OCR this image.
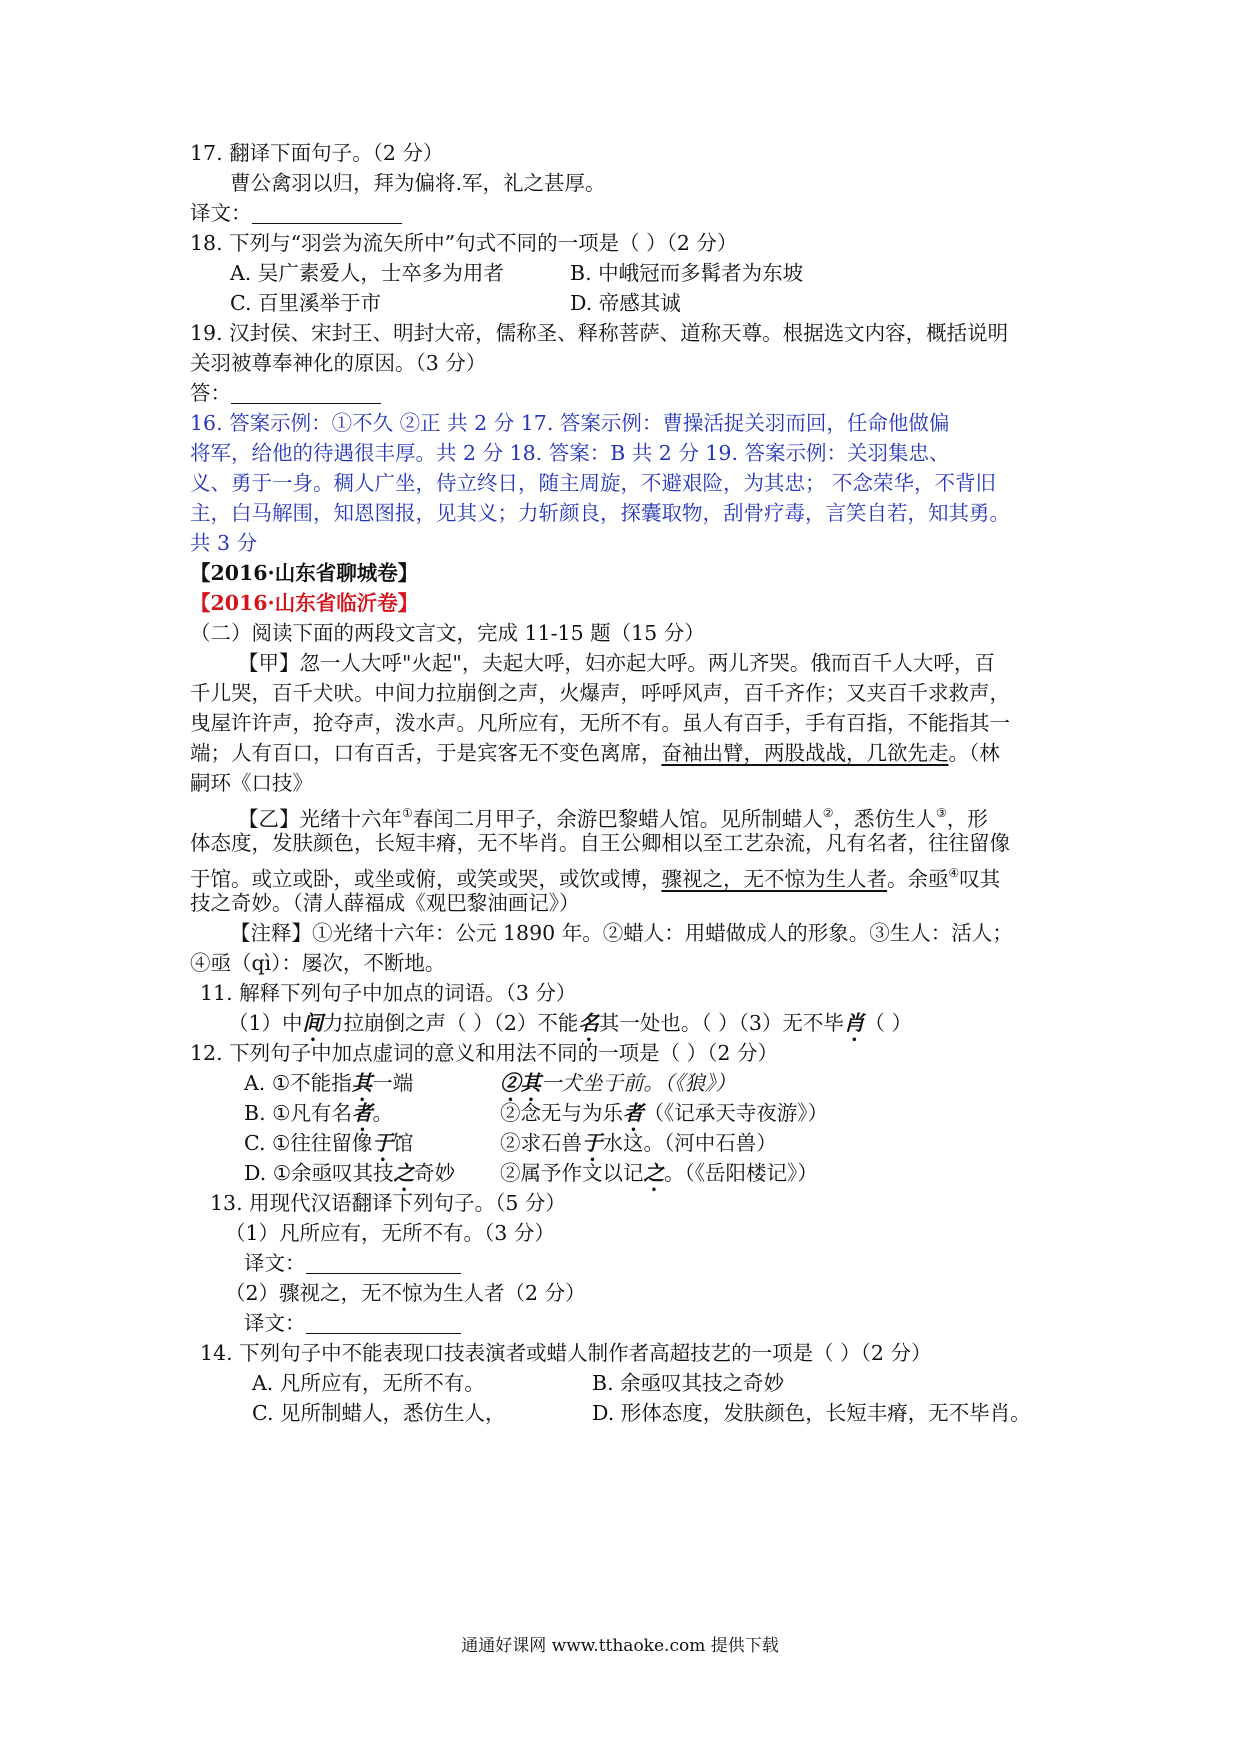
17. 翻译下面句子。（2 分）
曹公禽羽以归，拜为偏将.军，礼之甚厚。
译文：
18. 下列与“羽尝为流矢所中”句式不同的一项是（ ）（2 分）
A. 吴广素爱人，士卒多为用者	B. 中峨冠而多髯者为东坡
C. 百里溪举于市	D. 帝感其诚
19. 汉封侯、宋封王、明封大帝，儒称圣、释称菩萨、道称天尊。根据选文内容，概括说明
关羽被尊奉神化的原因。（3 分）
答：
16. 答案示例：①不久 ②正 共 2 分 17. 答案示例：曹操活捉关羽而回，任命他做偏
将军，给他的待遇很丰厚。共 2 分 18. 答案：B 共 2 分 19. 答案示例：关羽集忠、
义、勇于一身。稠人广坐，侍立终日，随主周旋，不避艰险，为其忠； 不念荣华，不背旧
主，白马解围，知恩图报，见其义；力斩颜良，探囊取物，刮骨疗毒，言笑自若，知其勇。
共 3 分
【2016·山东省聊城卷】
【2016·山东省临沂卷】
（二）阅读下面的两段文言文，完成 11-15 题（15 分）
【甲】忽一人大呼"火起"，夫起大呼，妇亦起大呼。两儿齐哭。俄而百千人大呼，百
千儿哭，百千犬吠。中间力拉崩倒之声，火爆声，呼呼风声，百千齐作；又夹百千求救声，
曳屋许许声，抢夺声，泼水声。凡所应有，无所不有。虽人有百手，手有百指，不能指其一
端；人有百口，口有百舌，于是宾客无不变色离席，奋袖出臂，两股战战，几欲先走。（林
嗣环《口技》
【乙】光绪十六年①春闰二月甲子，余游巴黎蜡人馆。见所制蜡人②，悉仿生人③，形
体态度，发肤颜色，长短丰瘠，无不毕肖。自王公卿相以至工艺杂流，凡有名者，往往留像
于馆。或立或卧，或坐或俯，或笑或哭，或饮或博，骤视之，无不惊为生人者。余亟④叹其
技之奇妙。（清人薛福成《观巴黎油画记》）
【注释】①光绪十六年：公元 1890 年。②蜡人：用蜡做成人的形象。③生人：活人；
④亟（qì）：屡次，不断地。
11. 解释下列句子中加点的词语。（3 分）
（1）中间力拉崩倒之声（ ）（2）不能名其一处也。（ ）（3）无不毕肖（ ）
12. 下列句子中加点虚词的意义和用法不同的一项是（ ）（2 分）
A. ①不能指其一端	②其一犬坐于前。（《狼》）
B. ①凡有名者。	②念无与为乐者（《记承天寺夜游》）
C. ①往往留像于馆	②求石兽于水这。（河中石兽）
D. ①余亟叹其技之奇妙 ②属予作文以记之。（《岳阳楼记》）
13. 用现代汉语翻译下列句子。（5 分）
（1）凡所应有，无所不有。（3 分）
译文：
（2）骤视之，无不惊为生人者（2 分）
译文：
14. 下列句子中不能表现口技表演者或蜡人制作者高超技艺的一项是（ ）（2 分）
A. 凡所应有，无所不有。	B. 余亟叹其技之奇妙
C. 见所制蜡人，悉仿生人，	D. 形体态度，发肤颜色，长短丰瘠，无不毕肖。
通通好课网 www.tthaoke.com 提供下载
